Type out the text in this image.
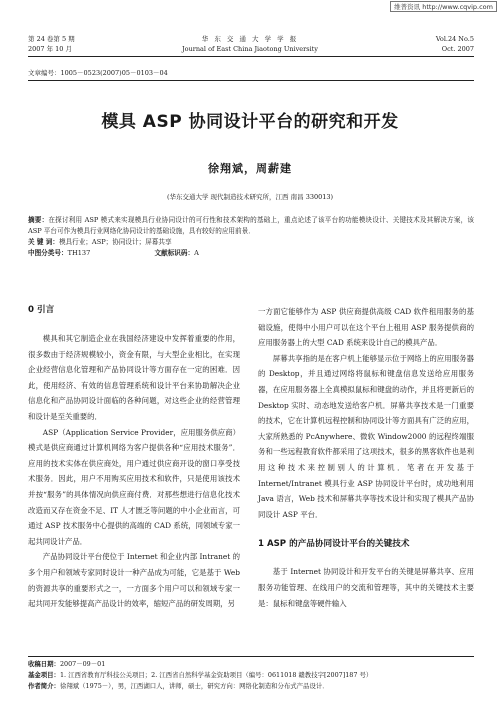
维普资讯 http://www.cqvip.com
第 24 卷第 5 期
2007 年 10 月
华 东 交 通 大 学 学 报
Journal of East China Jiaotong University
Vol.24 No.5
Oct. 2007
文章编号：1005－0523(2007)05－0103－04
模具 ASP 协同设计平台的研究和开发
徐翔斌，周薪建
(华东交通大学 现代制造技术研究所，江西 南昌 330013)
摘要：在探讨利用 ASP 模式来实现模具行业协同设计的可行性和技术架构的基础上，重点论述了该平台的功能模块设计、关键技术及其解决方案，该 ASP 平台可作为模具行业网络化协同设计的基础设施，具有较好的应用前景．
关 键 词：模具行业；ASP；协同设计；屏幕共享
中图分类号：TH137	文献标识码：A
0 引言

模具和其它制造企业在我国经济建设中发挥着重要的作用，很多数由于经济规模较小，资金有限，与大型企业相比，在实现企业经营信息化管理和产品协同设计等方面存在一定的困难．因此，使用经济、有效的信息管理系统和设计平台来协助解决企业信息化和产品协同设计面临的各种问题，对这些企业的经营管理和设计是至关重要的．

ASP（Application Service Provider，应用服务供应商）模式是供应商通过计算机网络为客户提供各种“应用技术服务”．应用的技术实体在供应商处，用户通过供应商开设的窗口享受技术服务．因此，用户不用购买应用技术和软件，只是使用该技术并按“服务”的具体情况向供应商付费．对那些想进行信息化技术改造而又存在资金不足、IT 人才匮乏等问题的中小企业而言，可通过 ASP 技术服务中心提供的高端的 CAD 系统，同领域专家一起共同设计产品．

产品协同设计平台使位于 Internet 和企业内部 Intranet 的多个用户和领域专家同时设计一种产品成为可能，它是基于 Web 的资源共享的重要形式之一，一方面多个用户可以和领域专家一起共同开发能够提高产品设计的效率，缩短产品的研发周期，另

一方面它能够作为 ASP 供应商提供高级 CAD 软件租用服务的基础设施，使得中小用户可以在这个平台上租用 ASP 服务提供商的应用服务器上的大型 CAD 系统来设计自己的模具产品．

屏幕共享指的是在客户机上能够显示位于网络上的应用服务器的 Desktop，并且通过网络将鼠标和键盘信息发送给应用服务器，在应用服务器上全真模拟鼠标和键盘的动作，并且将更新后的 Desktop 实时、动态地发送给客户机．屏幕共享技术是一门重要的技术，它在计算机远程控制和协同设计等方面具有广泛的应用，大家所熟悉的 PcAnywhere、微软 Window2000 的远程终端服务和一些远程教育软件都采用了这项技术，很多的黑客软件也是利用这种技术来控制别人的计算机．笔者在开发基于 Internet/Intranet 模具行业 ASP 协同设计平台时，成功地利用 Java 语言，Web 技术和屏幕共享等技术设计和实现了模具产品协同设计 ASP 平台．

1 ASP 的产品协同设计平台的关键技术

基于 Internet 协同设计和开发平台的关键是屏幕共享、应用服务功能管理、在线用户的交流和管理等，其中的关键技术主要是：鼠标和键盘等硬件输入

收稿日期：2007－09－01
基金项目：1. 江西省教育厅科技公关项目；2. 江西省自然科学基金资助项目（编号：0611018 赣教技字[2007]187 号）
作者简介：徐翔斌（1975－），男，江西湖口人，讲师，硕士，研究方向：网络化制造和分布式产品设计．
